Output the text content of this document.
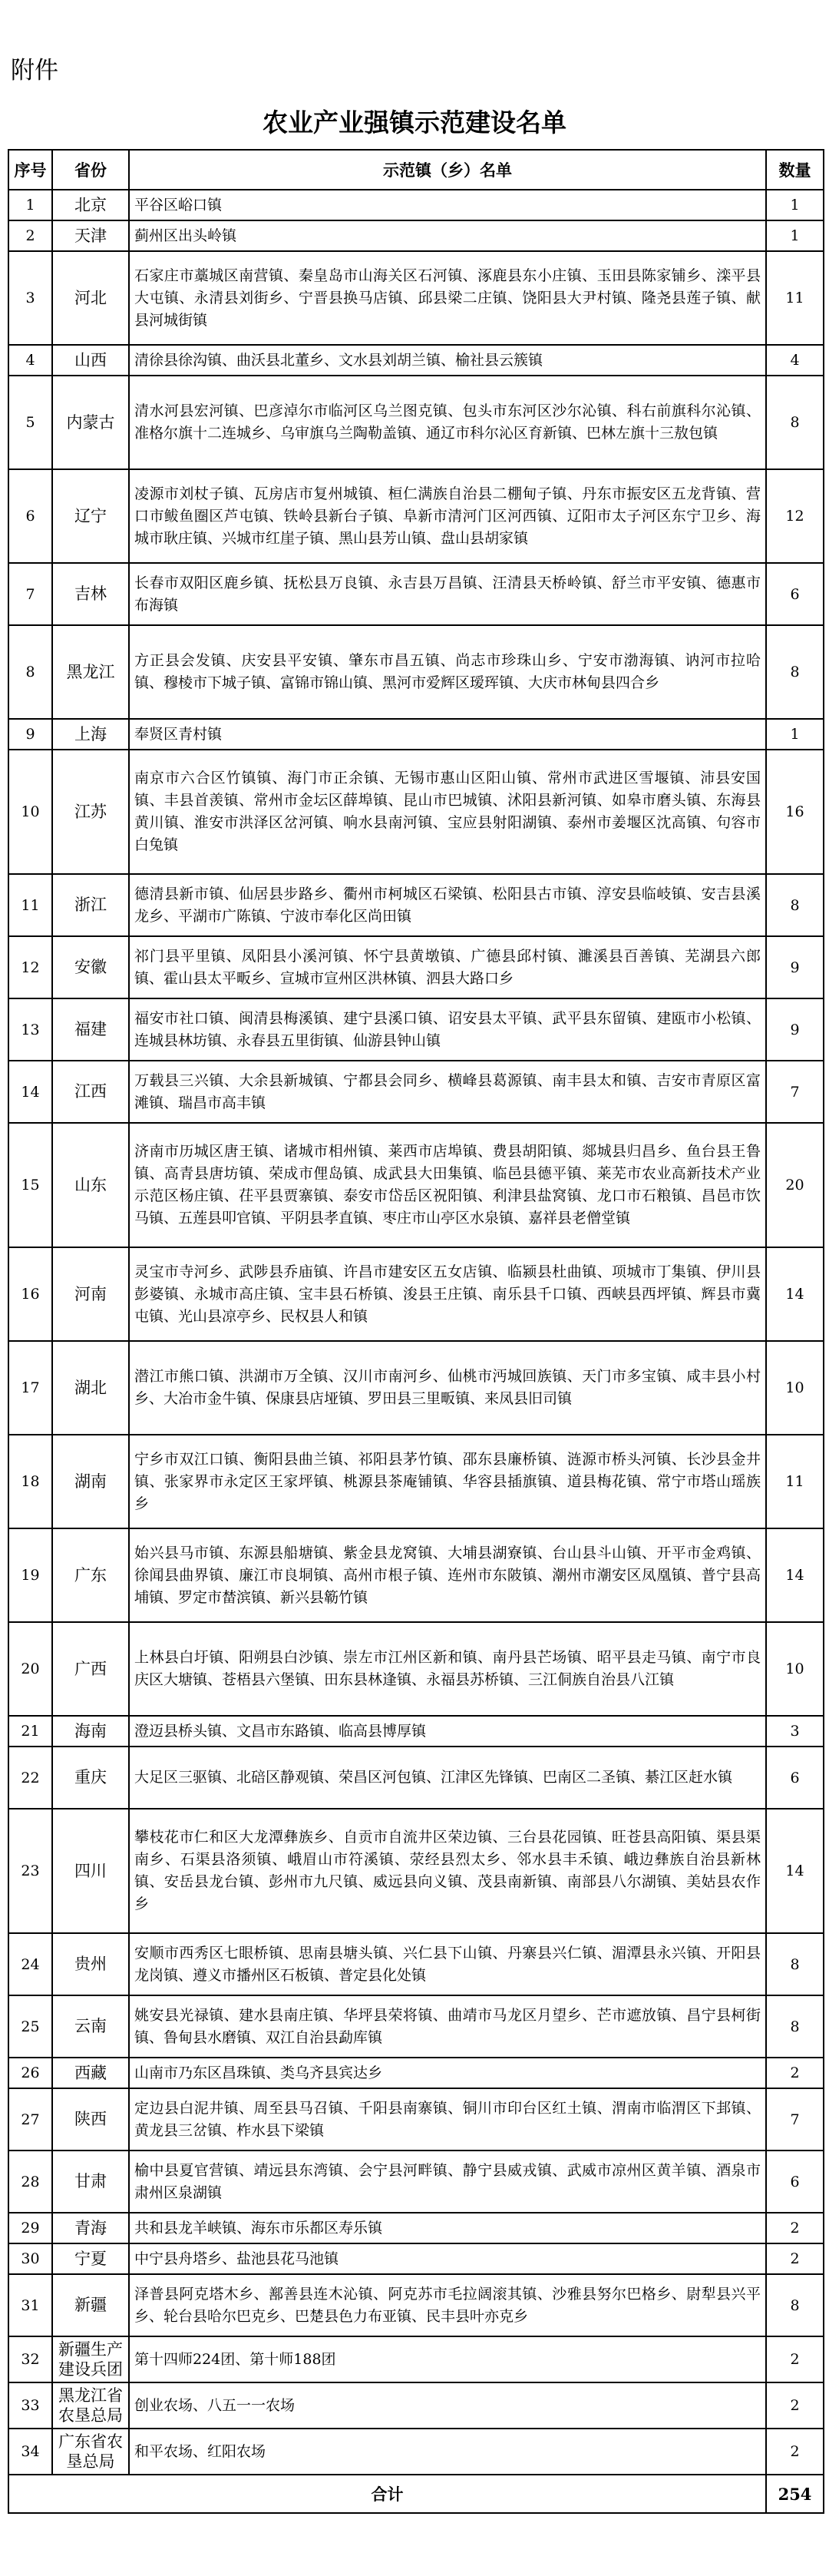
附件
农业产业强镇示范建设名单
序号	省份	示范镇（乡）名单	数量
1	北京	平谷区峪口镇	1
2	天津	蓟州区出头岭镇	1
3	河北	石家庄市藁城区南营镇、秦皇岛市山海关区石河镇、涿鹿县东小庄镇、玉田县陈家铺乡、滦平县大屯镇、永清县刘街乡、宁晋县换马店镇、邱县梁二庄镇、饶阳县大尹村镇、隆尧县莲子镇、献县河城街镇	11
4	山西	清徐县徐沟镇、曲沃县北董乡、文水县刘胡兰镇、榆社县云簇镇	4
5	内蒙古	清水河县宏河镇、巴彦淖尔市临河区乌兰图克镇、包头市东河区沙尔沁镇、科右前旗科尔沁镇、准格尔旗十二连城乡、乌审旗乌兰陶勒盖镇、通辽市科尔沁区育新镇、巴林左旗十三敖包镇	8
6	辽宁	凌源市刘杖子镇、瓦房店市复州城镇、桓仁满族自治县二棚甸子镇、丹东市振安区五龙背镇、营口市鲅鱼圈区芦屯镇、铁岭县新台子镇、阜新市清河门区河西镇、辽阳市太子河区东宁卫乡、海城市耿庄镇、兴城市红崖子镇、黑山县芳山镇、盘山县胡家镇	12
7	吉林	长春市双阳区鹿乡镇、抚松县万良镇、永吉县万昌镇、汪清县天桥岭镇、舒兰市平安镇、德惠市布海镇	6
8	黑龙江	方正县会发镇、庆安县平安镇、肇东市昌五镇、尚志市珍珠山乡、宁安市渤海镇、讷河市拉哈镇、穆棱市下城子镇、富锦市锦山镇、黑河市爱辉区瑷珲镇、大庆市林甸县四合乡	8
9	上海	奉贤区青村镇	1
10	江苏	南京市六合区竹镇镇、海门市正余镇、无锡市惠山区阳山镇、常州市武进区雪堰镇、沛县安国镇、丰县首羡镇、常州市金坛区薛埠镇、昆山市巴城镇、沭阳县新河镇、如皋市磨头镇、东海县黄川镇、淮安市洪泽区岔河镇、响水县南河镇、宝应县射阳湖镇、泰州市姜堰区沈高镇、句容市白兔镇	16
11	浙江	德清县新市镇、仙居县步路乡、衢州市柯城区石梁镇、松阳县古市镇、淳安县临岐镇、安吉县溪龙乡、平湖市广陈镇、宁波市奉化区尚田镇	8
12	安徽	祁门县平里镇、凤阳县小溪河镇、怀宁县黄墩镇、广德县邱村镇、濉溪县百善镇、芜湖县六郎镇、霍山县太平畈乡、宣城市宣州区洪林镇、泗县大路口乡	9
13	福建	福安市社口镇、闽清县梅溪镇、建宁县溪口镇、诏安县太平镇、武平县东留镇、建瓯市小松镇、连城县林坊镇、永春县五里街镇、仙游县钟山镇	9
14	江西	万载县三兴镇、大余县新城镇、宁都县会同乡、横峰县葛源镇、南丰县太和镇、吉安市青原区富滩镇、瑞昌市高丰镇	7
15	山东	济南市历城区唐王镇、诸城市相州镇、莱西市店埠镇、费县胡阳镇、郯城县归昌乡、鱼台县王鲁镇、高青县唐坊镇、荣成市俚岛镇、成武县大田集镇、临邑县德平镇、莱芜市农业高新技术产业示范区杨庄镇、茌平县贾寨镇、泰安市岱岳区祝阳镇、利津县盐窝镇、龙口市石粮镇、昌邑市饮马镇、五莲县叩官镇、平阴县孝直镇、枣庄市山亭区水泉镇、嘉祥县老僧堂镇	20
16	河南	灵宝市寺河乡、武陟县乔庙镇、许昌市建安区五女店镇、临颍县杜曲镇、项城市丁集镇、伊川县彭婆镇、永城市高庄镇、宝丰县石桥镇、浚县王庄镇、南乐县千口镇、西峡县西坪镇、辉县市冀屯镇、光山县凉亭乡、民权县人和镇	14
17	湖北	潜江市熊口镇、洪湖市万全镇、汉川市南河乡、仙桃市沔城回族镇、天门市多宝镇、咸丰县小村乡、大冶市金牛镇、保康县店垭镇、罗田县三里畈镇、来凤县旧司镇	10
18	湖南	宁乡市双江口镇、衡阳县曲兰镇、祁阳县茅竹镇、邵东县廉桥镇、涟源市桥头河镇、长沙县金井镇、张家界市永定区王家坪镇、桃源县茶庵铺镇、华容县插旗镇、道县梅花镇、常宁市塔山瑶族乡	11
19	广东	始兴县马市镇、东源县船塘镇、紫金县龙窝镇、大埔县湖寮镇、台山县斗山镇、开平市金鸡镇、徐闻县曲界镇、廉江市良垌镇、高州市根子镇、连州市东陂镇、潮州市潮安区凤凰镇、普宁县高埔镇、罗定市榃滨镇、新兴县簕竹镇	14
20	广西	上林县白圩镇、阳朔县白沙镇、崇左市江州区新和镇、南丹县芒场镇、昭平县走马镇、南宁市良庆区大塘镇、苍梧县六堡镇、田东县林逢镇、永福县苏桥镇、三江侗族自治县八江镇	10
21	海南	澄迈县桥头镇、文昌市东路镇、临高县博厚镇	3
22	重庆	大足区三驱镇、北碚区静观镇、荣昌区河包镇、江津区先锋镇、巴南区二圣镇、綦江区赶水镇	6
23	四川	攀枝花市仁和区大龙潭彝族乡、自贡市自流井区荣边镇、三台县花园镇、旺苍县高阳镇、渠县渠南乡、石渠县洛须镇、峨眉山市符溪镇、荥经县烈太乡、邻水县丰禾镇、峨边彝族自治县新林镇、安岳县龙台镇、彭州市九尺镇、威远县向义镇、茂县南新镇、南部县八尔湖镇、美姑县农作乡	14
24	贵州	安顺市西秀区七眼桥镇、思南县塘头镇、兴仁县下山镇、丹寨县兴仁镇、湄潭县永兴镇、开阳县龙岗镇、遵义市播州区石板镇、普定县化处镇	8
25	云南	姚安县光禄镇、建水县南庄镇、华坪县荣将镇、曲靖市马龙区月望乡、芒市遮放镇、昌宁县柯街镇、鲁甸县水磨镇、双江自治县勐库镇	8
26	西藏	山南市乃东区昌珠镇、类乌齐县宾达乡	2
27	陕西	定边县白泥井镇、周至县马召镇、千阳县南寨镇、铜川市印台区红土镇、渭南市临渭区下邽镇、黄龙县三岔镇、柞水县下梁镇	7
28	甘肃	榆中县夏官营镇、靖远县东湾镇、会宁县河畔镇、静宁县威戎镇、武威市凉州区黄羊镇、酒泉市肃州区泉湖镇	6
29	青海	共和县龙羊峡镇、海东市乐都区寿乐镇	2
30	宁夏	中宁县舟塔乡、盐池县花马池镇	2
31	新疆	泽普县阿克塔木乡、鄯善县连木沁镇、阿克苏市毛拉阔滚其镇、沙雅县努尔巴格乡、尉犁县兴平乡、轮台县哈尔巴克乡、巴楚县色力布亚镇、民丰县叶亦克乡	8
32	新疆生产建设兵团	第十四师224团、第十师188团	2
33	黑龙江省农垦总局	创业农场、八五一一农场	2
34	广东省农垦总局	和平农场、红阳农场	2
合计			254
